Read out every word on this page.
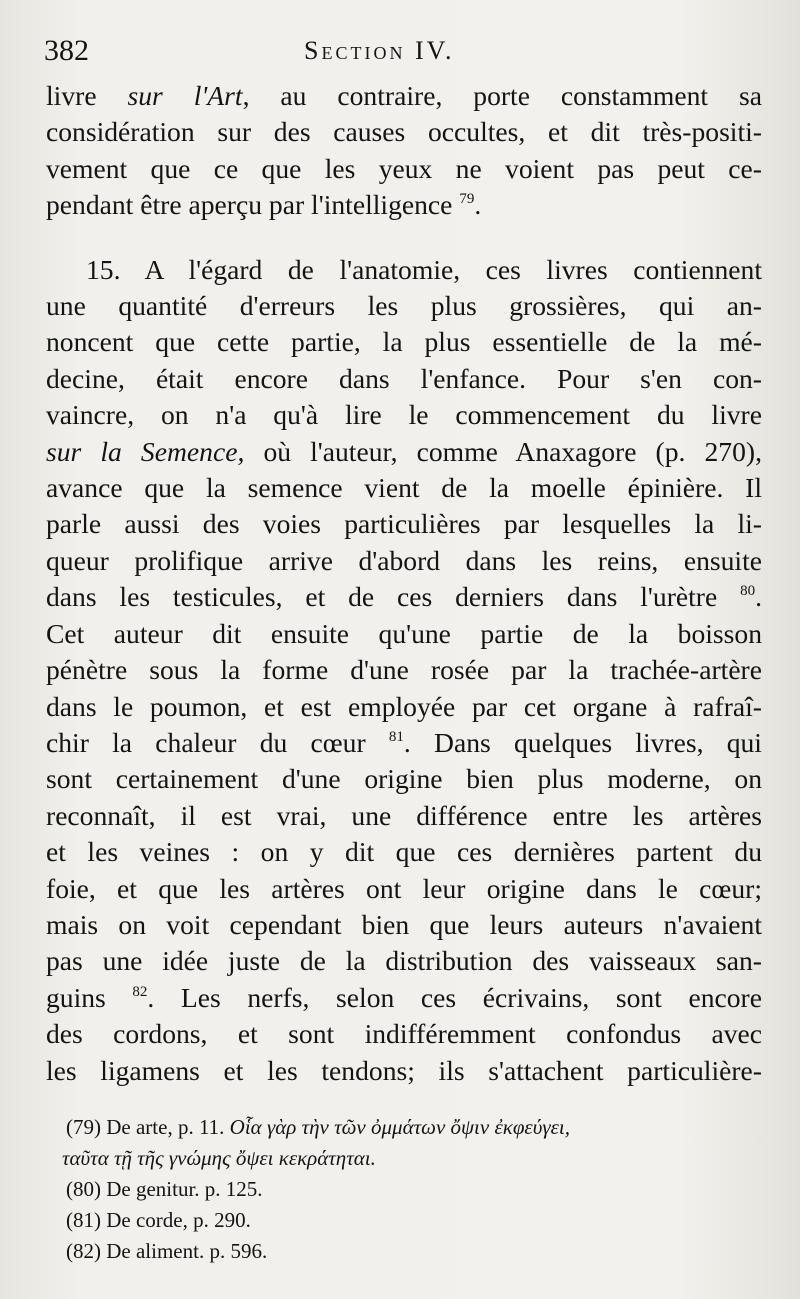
382	Section IV.
livre sur l'Art, au contraire, porte constamment sa
considération sur des causes occultes, et dit très-positi-
vement que ce que les yeux ne voient pas peut ce-
pendant être aperçu par l'intelligence $^{79}$.
15. A l'égard de l'anatomie, ces livres contiennent
une quantité d'erreurs les plus grossières, qui an-
noncent que cette partie, la plus essentielle de la mé-
decine, était encore dans l'enfance. Pour s'en con-
vaincre, on n'a qu'à lire le commencement du livre
sur la Semence, où l'auteur, comme Anaxagore (p. 270),
avance que la semence vient de la moelle épinière. Il
parle aussi des voies particulières par lesquelles la li-
queur prolifique arrive d'abord dans les reins, ensuite
dans les testicules, et de ces derniers dans l'urètre $^{80}$.
Cet auteur dit ensuite qu'une partie de la boisson
pénètre sous la forme d'une rosée par la trachée-artère
dans le poumon, et est employée par cet organe à rafraî-
chir la chaleur du cœur $^{81}$. Dans quelques livres, qui
sont certainement d'une origine bien plus moderne, on
reconnaît, il est vrai, une différence entre les artères
et les veines : on y dit que ces dernières partent du
foie, et que les artères ont leur origine dans le cœur;
mais on voit cependant bien que leurs auteurs n'avaient
pas une idée juste de la distribution des vaisseaux san-
guins $^{82}$. Les nerfs, selon ces écrivains, sont encore
des cordons, et sont indifféremment confondus avec
les ligamens et les tendons; ils s'attachent particulière-
(79) De arte, p. 11. Οἷα γὰρ τὴν τῶν ὀμμάτων ὄψιν ἐκφεύγει,
ταῦτα τῇ τῆς γνώμης ὄψει κεκράτηται.
(80) De genitur. p. 125.
(81) De corde, p. 290.
(82) De aliment. p. 596.
